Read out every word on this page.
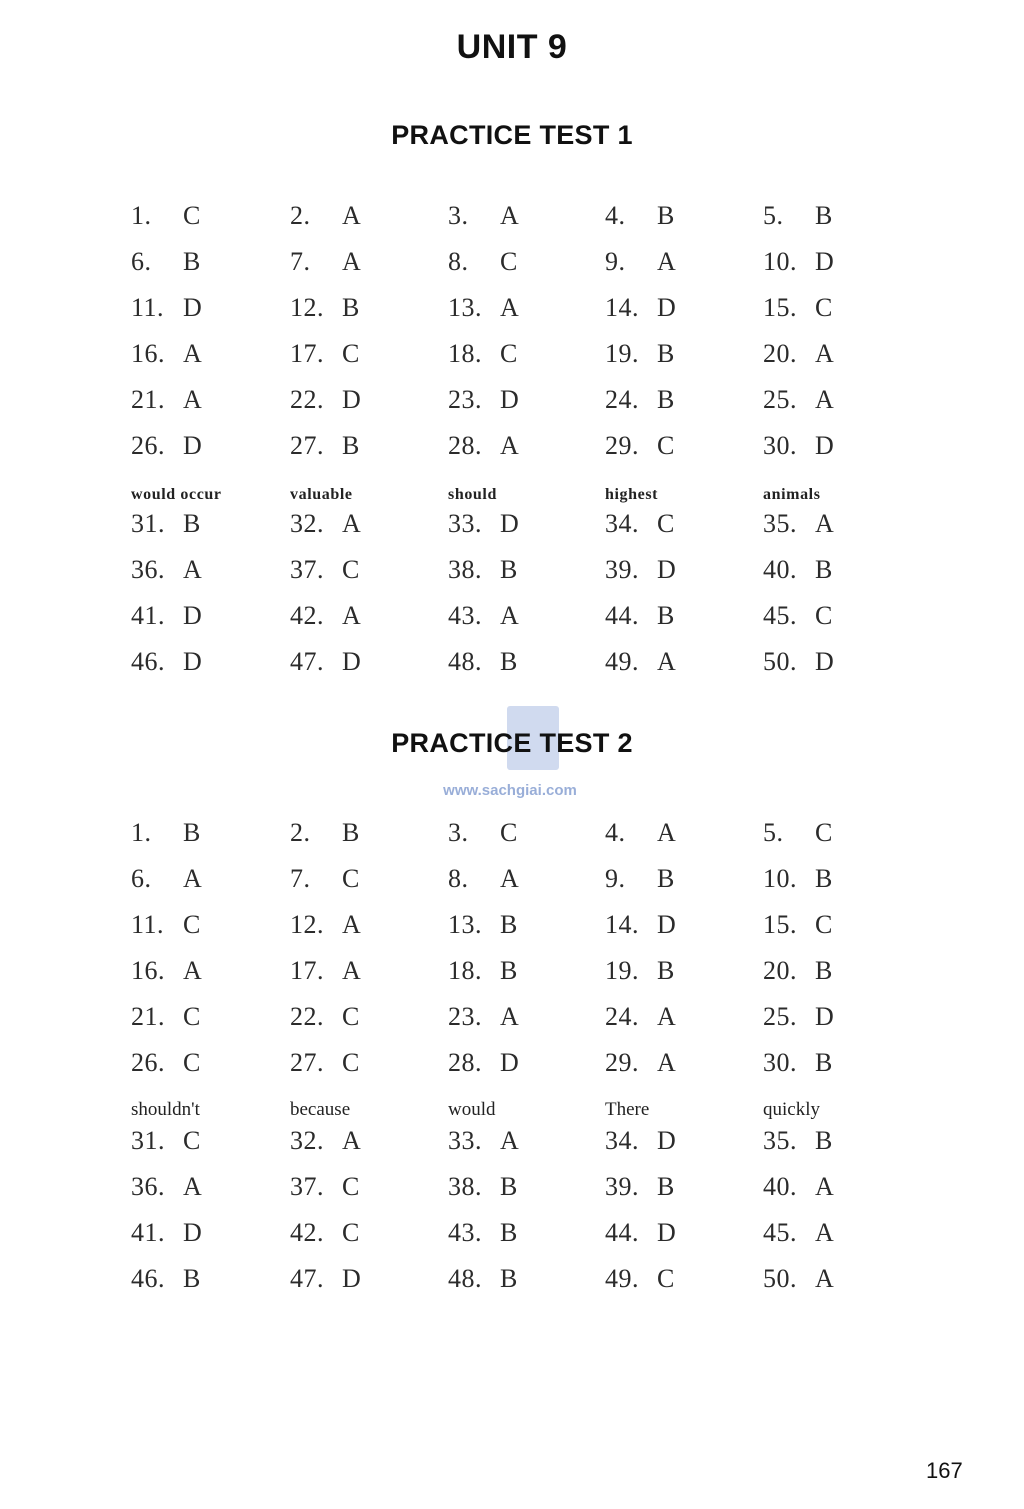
UNIT 9
PRACTICE TEST 1
1. C	2. A	3. A	4. B	5. B
6. B	7. A	8. C	9. A	10. D
11. D	12. B	13. A	14. D	15. C
16. A	17. C	18. C	19. B	20. A
21. A	22. D	23. D	24. B	25. A
26. D	27. B	28. A	29. C	30. D
would occur	valuable	should	highest	animals
31. B	32. A	33. D	34. C	35. A
36. A	37. C	38. B	39. D	40. B
41. D	42. A	43. A	44. B	45. C
46. D	47. D	48. B	49. A	50. D
www.sachgiai.com
PRACTICE TEST 2
1. B	2. B	3. C	4. A	5. C
6. A	7. C	8. A	9. B	10. B
11. C	12. A	13. B	14. D	15. C
16. A	17. A	18. B	19. B	20. B
21. C	22. C	23. A	24. A	25. D
26. C	27. C	28. D	29. A	30. B
shouldn't	because	would	There	quickly
31. C	32. A	33. A	34. D	35. B
36. A	37. C	38. B	39. B	40. A
41. D	42. C	43. B	44. D	45. A
46. B	47. D	48. B	49. C	50. A
167
